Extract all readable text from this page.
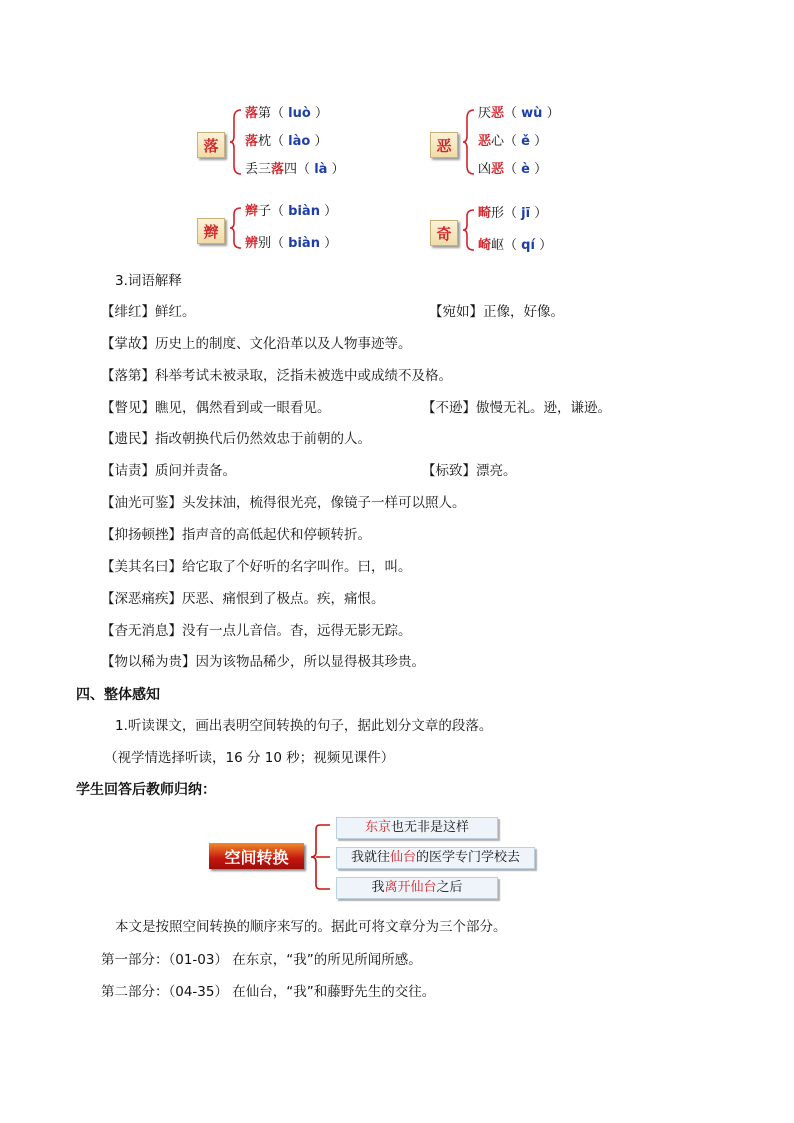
落
落第（ luò ）
落枕（ lào ）
丢三落四（ là ）
恶
厌恶（ wù ）
恶心（ ě ）
凶恶（ è ）
辫
辫子（ biàn ）
辨别（ biàn ）
奇
畸形（ jī ）
崎岖（ qí ）
3.词语解释
【绯红】鲜红。	【宛如】正像，好像。
【掌故】历史上的制度、文化沿革以及人物事迹等。
【落第】科举考试未被录取，泛指未被选中或成绩不及格。
【瞥见】瞧见，偶然看到或一眼看见。	【不逊】傲慢无礼。逊，谦逊。
【遗民】指改朝换代后仍然效忠于前朝的人。
【诘责】质问并责备。	【标致】漂亮。
【油光可鉴】头发抹油，梳得很光亮，像镜子一样可以照人。
【抑扬顿挫】指声音的高低起伏和停顿转折。
【美其名曰】给它取了个好听的名字叫作。曰，叫。
【深恶痛疾】厌恶、痛恨到了极点。疾，痛恨。
【杳无消息】没有一点儿音信。杳，远得无影无踪。
【物以稀为贵】因为该物品稀少，所以显得极其珍贵。
四、整体感知
1.听读课文，画出表明空间转换的句子，据此划分文章的段落。
（视学情选择听读，16 分 10 秒；视频见课件）
学生回答后教师归纳：
空间转换
东京也无非是这样
我就往仙台的医学专门学校去
我离开仙台之后
本文是按照空间转换的顺序来写的。据此可将文章分为三个部分。
第一部分：（01-03） 在东京，“我”的所见所闻所感。
第二部分：（04-35） 在仙台，“我”和藤野先生的交往。
